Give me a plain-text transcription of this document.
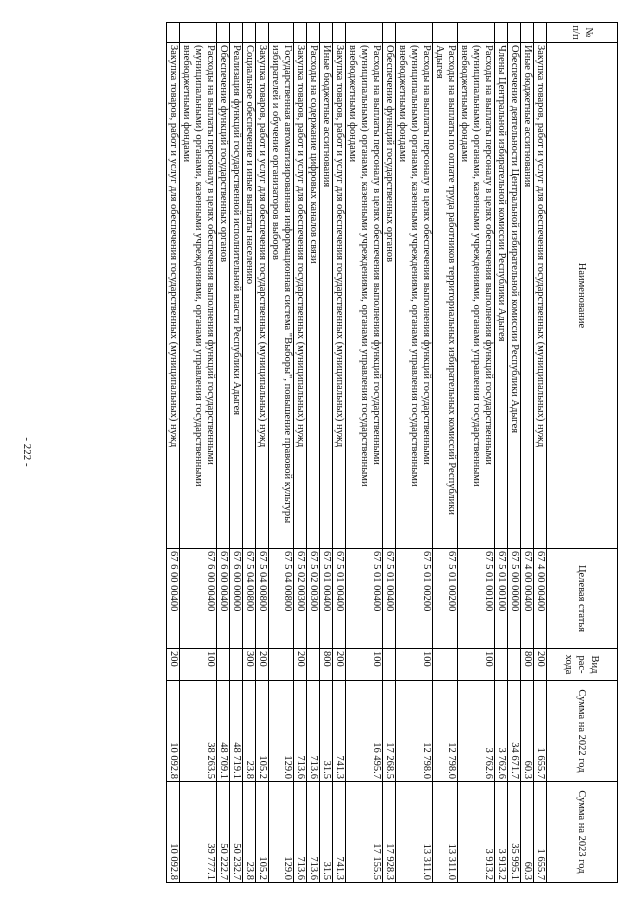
- 222 -
№ п/п	Наименование	Целевая статья	Вид рас- хода	Сумма на 2022 год	Сумма на 2023 год
	Закупка товаров, работ и услуг для обеспечения государственных (муниципальных) нужд	67 4 00 00400	200	1 655.7	1 655.7
	Иные бюджетные ассигнования	67 4 00 00400	800	60.3	60.3
	Обеспечение деятельности Центральной избирательной комиссии Республики Адыгея	67 5 00 00000		34 671.7	35 995.1
	Члены Центральной избирательной комиссии Республики Адыгея	67 5 01 00100		3 762.6	3 913.2
	Расходы на выплаты персоналу в целях обеспечения выполнения функций государственными (муниципальными) органами, казенными учреждениями, органами управления государственными внебюджетными фондами	67 5 01 00100	100	3 762.6	3 913.2
	Расходы на выплаты по оплате труда работников территориальных избирательных комиссий Республики Адыгея	67 5 01 00200		12 798.0	13 311.0
	Расходы на выплаты персоналу в целях обеспечения выполнения функций государственными (муниципальными) органами, казенными учреждениями, органами управления государственными внебюджетными фондами	67 5 01 00200	100	12 798.0	13 311.0
	Обеспечение функций государственных органов	67 5 01 00400		17 268.5	17 928.3
	Расходы на выплаты персоналу в целях обеспечения выполнения функций государственными (муниципальными) органами, казенными учреждениями, органами управления государственными внебюджетными фондами	67 5 01 00400	100	16 495.7	17 155.5
	Закупка товаров, работ и услуг для обеспечения государственных (муниципальных) нужд	67 5 01 00400	200	741.3	741.3
	Иные бюджетные ассигнования	67 5 01 00400	800	31.5	31.5
	Расходы на содержание цифровых каналов связи	67 5 02 00300		713.6	713.6
	Закупка товаров, работ и услуг для обеспечения государственных (муниципальных) нужд	67 5 02 00300	200	713.6	713.6
	Государственная автоматизированная информационная система "Выборы", повышение правовой культуры избирателей и обучение организаторов выборов	67 5 04 00800		129.0	129.0
	Закупка товаров, работ и услуг для обеспечения государственных (муниципальных) нужд	67 5 04 00800	200	105.2	105.2
	Социальное обеспечение и иные выплаты населению	67 5 04 00800	300	23.8	23.8
	Реализация функций государственной исполнительной власти Республики Адыгея	67 6 00 00000		48 719.1	50 232.7
	Обеспечение функций государственных органов	67 6 00 00400		48 709.1	50 222.7
	Расходы на выплаты персоналу в целях обеспечения выполнения функций государственными (муниципальными) органами, казенными учреждениями, органами управления государственными внебюджетными фондами	67 6 00 00400	100	38 263.5	39 777.1
	Закупка товаров, работ и услуг для обеспечения государственных (муниципальных) нужд	67 6 00 00400	200	10 092.8	10 092.8
